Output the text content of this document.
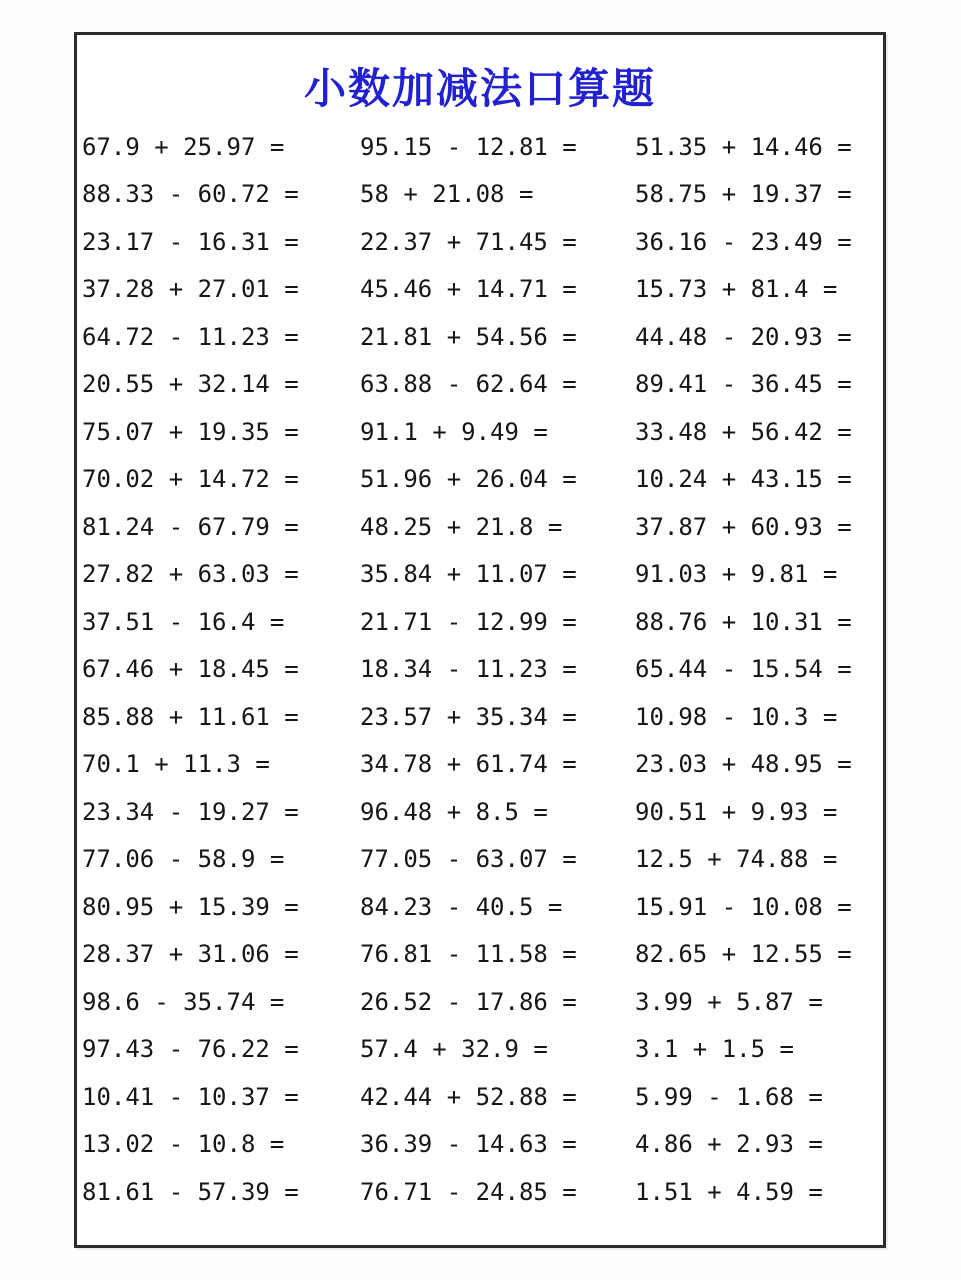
小数加减法口算题
67.9 + 25.97 =	95.15 - 12.81 =	51.35 + 14.46 =
88.33 - 60.72 =	58 + 21.08 =	58.75 + 19.37 =
23.17 - 16.31 =	22.37 + 71.45 =	36.16 - 23.49 =
37.28 + 27.01 =	45.46 + 14.71 =	15.73 + 81.4 =
64.72 - 11.23 =	21.81 + 54.56 =	44.48 - 20.93 =
20.55 + 32.14 =	63.88 - 62.64 =	89.41 - 36.45 =
75.07 + 19.35 =	91.1 + 9.49 =	33.48 + 56.42 =
70.02 + 14.72 =	51.96 + 26.04 =	10.24 + 43.15 =
81.24 - 67.79 =	48.25 + 21.8 =	37.87 + 60.93 =
27.82 + 63.03 =	35.84 + 11.07 =	91.03 + 9.81 =
37.51 - 16.4 =	21.71 - 12.99 =	88.76 + 10.31 =
67.46 + 18.45 =	18.34 - 11.23 =	65.44 - 15.54 =
85.88 + 11.61 =	23.57 + 35.34 =	10.98 - 10.3 =
70.1 + 11.3 =	34.78 + 61.74 =	23.03 + 48.95 =
23.34 - 19.27 =	96.48 + 8.5 =	90.51 + 9.93 =
77.06 - 58.9 =	77.05 - 63.07 =	12.5 + 74.88 =
80.95 + 15.39 =	84.23 - 40.5 =	15.91 - 10.08 =
28.37 + 31.06 =	76.81 - 11.58 =	82.65 + 12.55 =
98.6 - 35.74 =	26.52 - 17.86 =	3.99 + 5.87 =
97.43 - 76.22 =	57.4 + 32.9 =	3.1 + 1.5 =
10.41 - 10.37 =	42.44 + 52.88 =	5.99 - 1.68 =
13.02 - 10.8 =	36.39 - 14.63 =	4.86 + 2.93 =
81.61 - 57.39 =	76.71 - 24.85 =	1.51 + 4.59 =
